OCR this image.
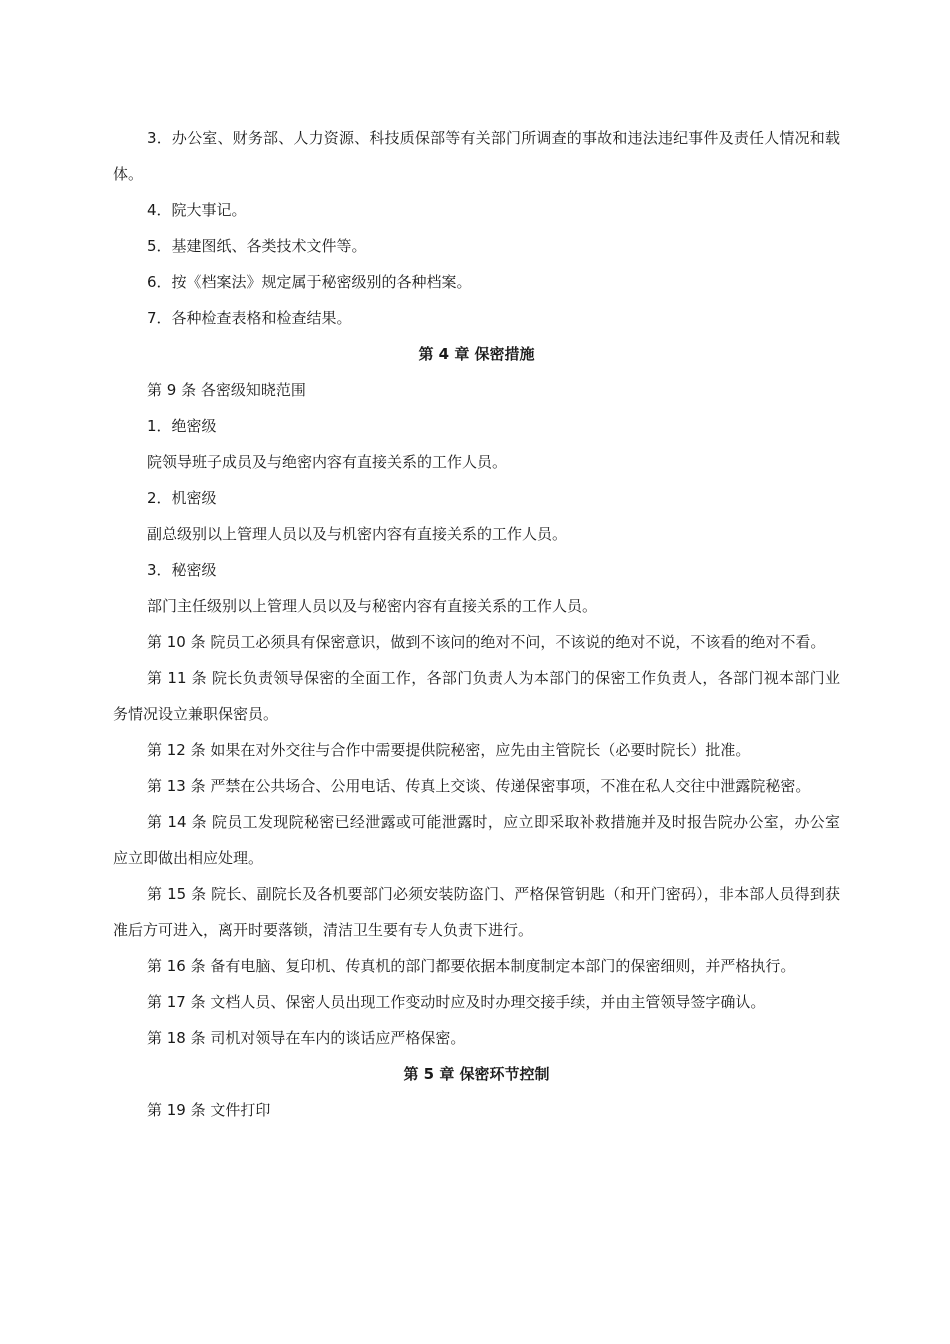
3．办公室、财务部、人力资源、科技质保部等有关部门所调查的事故和违法违纪事件及责任人情况和载体。

4．院大事记。

5．基建图纸、各类技术文件等。

6．按《档案法》规定属于秘密级别的各种档案。

7．各种检查表格和检查结果。

第 4 章 保密措施

第 9 条 各密级知晓范围

1．绝密级

院领导班子成员及与绝密内容有直接关系的工作人员。

2．机密级

副总级别以上管理人员以及与机密内容有直接关系的工作人员。

3．秘密级

部门主任级别以上管理人员以及与秘密内容有直接关系的工作人员。

第 10 条 院员工必须具有保密意识，做到不该问的绝对不问，不该说的绝对不说，不该看的绝对不看。

第 11 条 院长负责领导保密的全面工作，各部门负责人为本部门的保密工作负责人，各部门视本部门业务情况设立兼职保密员。

第 12 条 如果在对外交往与合作中需要提供院秘密，应先由主管院长（必要时院长）批准。

第 13 条 严禁在公共场合、公用电话、传真上交谈、传递保密事项，不准在私人交往中泄露院秘密。

第 14 条 院员工发现院秘密已经泄露或可能泄露时，应立即采取补救措施并及时报告院办公室，办公室应立即做出相应处理。

第 15 条 院长、副院长及各机要部门必须安装防盗门、严格保管钥匙（和开门密码），非本部人员得到获准后方可进入，离开时要落锁，清洁卫生要有专人负责下进行。

第 16 条 备有电脑、复印机、传真机的部门都要依据本制度制定本部门的保密细则，并严格执行。

第 17 条 文档人员、保密人员出现工作变动时应及时办理交接手续，并由主管领导签字确认。

第 18 条 司机对领导在车内的谈话应严格保密。

第 5 章 保密环节控制

第 19 条 文件打印
